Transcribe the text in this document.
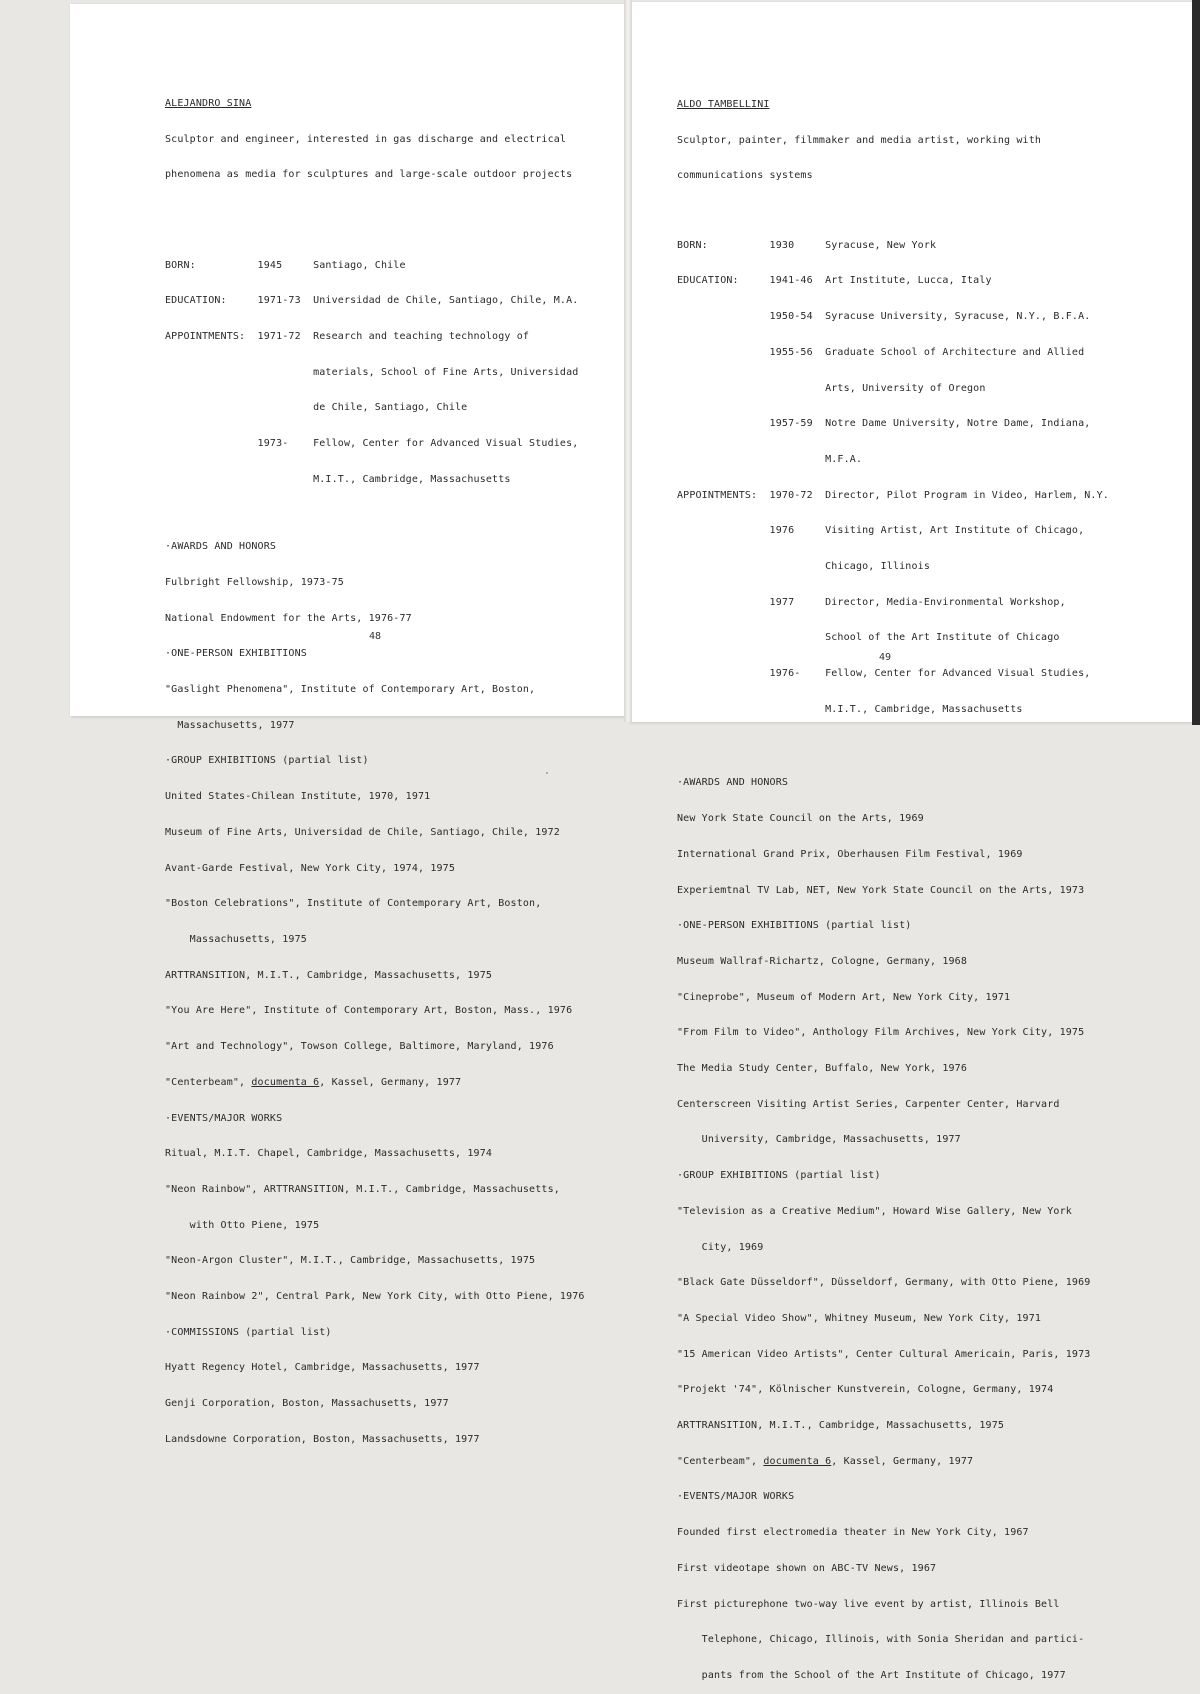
ALEJANDRO SINA

Sculptor and engineer, interested in gas discharge and electrical

phenomena as media for sculptures and large-scale outdoor projects

BORN:          1945     Santiago, Chile

EDUCATION:     1971-73  Universidad de Chile, Santiago, Chile, M.A.

APPOINTMENTS:  1971-72  Research and teaching technology of

materials, School of Fine Arts, Universidad

de Chile, Santiago, Chile

1973-    Fellow, Center for Advanced Visual Studies,

M.I.T., Cambridge, Massachusetts

·AWARDS AND HONORS

Fulbright Fellowship, 1973-75

National Endowment for the Arts, 1976-77

·ONE-PERSON EXHIBITIONS

"Gaslight Phenomena", Institute of Contemporary Art, Boston,

Massachusetts, 1977

·GROUP EXHIBITIONS (partial list)

United States-Chilean Institute, 1970, 1971

Museum of Fine Arts, Universidad de Chile, Santiago, Chile, 1972

Avant-Garde Festival, New York City, 1974, 1975

"Boston Celebrations", Institute of Contemporary Art, Boston,

Massachusetts, 1975

ARTTRANSITION, M.I.T., Cambridge, Massachusetts, 1975

"You Are Here", Institute of Contemporary Art, Boston, Mass., 1976

"Art and Technology", Towson College, Baltimore, Maryland, 1976

"Centerbeam", documenta 6, Kassel, Germany, 1977

·EVENTS/MAJOR WORKS

Ritual, M.I.T. Chapel, Cambridge, Massachusetts, 1974

"Neon Rainbow", ARTTRANSITION, M.I.T., Cambridge, Massachusetts,

with Otto Piene, 1975

"Neon-Argon Cluster", M.I.T., Cambridge, Massachusetts, 1975

"Neon Rainbow 2", Central Park, New York City, with Otto Piene, 1976

·COMMISSIONS (partial list)

Hyatt Regency Hotel, Cambridge, Massachusetts, 1977

Genji Corporation, Boston, Massachusetts, 1977

Landsdowne Corporation, Boston, Massachusetts, 1977

48

ALDO TAMBELLINI

Sculptor, painter, filmmaker and media artist, working with

communications systems

BORN:          1930     Syracuse, New York

EDUCATION:     1941-46  Art Institute, Lucca, Italy

1950-54  Syracuse University, Syracuse, N.Y., B.F.A.

1955-56  Graduate School of Architecture and Allied

Arts, University of Oregon

1957-59  Notre Dame University, Notre Dame, Indiana,

M.F.A.

APPOINTMENTS:  1970-72  Director, Pilot Program in Video, Harlem, N.Y.

1976     Visiting Artist, Art Institute of Chicago,

Chicago, Illinois

1977     Director, Media-Environmental Workshop,

School of the Art Institute of Chicago

1976-    Fellow, Center for Advanced Visual Studies,

M.I.T., Cambridge, Massachusetts

·AWARDS AND HONORS

New York State Council on the Arts, 1969

International Grand Prix, Oberhausen Film Festival, 1969

Experiemtnal TV Lab, NET, New York State Council on the Arts, 1973

·ONE-PERSON EXHIBITIONS (partial list)

Museum Wallraf-Richartz, Cologne, Germany, 1968

"Cineprobe", Museum of Modern Art, New York City, 1971

"From Film to Video", Anthology Film Archives, New York City, 1975

The Media Study Center, Buffalo, New York, 1976

Centerscreen Visiting Artist Series, Carpenter Center, Harvard

University, Cambridge, Massachusetts, 1977

·GROUP EXHIBITIONS (partial list)

"Television as a Creative Medium", Howard Wise Gallery, New York

City, 1969

"Black Gate Düsseldorf", Düsseldorf, Germany, with Otto Piene, 1969

"A Special Video Show", Whitney Museum, New York City, 1971

"15 American Video Artists", Center Cultural Americain, Paris, 1973

"Projekt '74", Kölnischer Kunstverein, Cologne, Germany, 1974

ARTTRANSITION, M.I.T., Cambridge, Massachusetts, 1975

"Centerbeam", documenta 6, Kassel, Germany, 1977

·EVENTS/MAJOR WORKS

Founded first electromedia theater in New York City, 1967

First videotape shown on ABC-TV News, 1967

First picturephone two-way live event by artist, Illinois Bell

Telephone, Chicago, Illinois, with Sonia Sheridan and partici-

pants from the School of the Art Institute of Chicago, 1977

49
